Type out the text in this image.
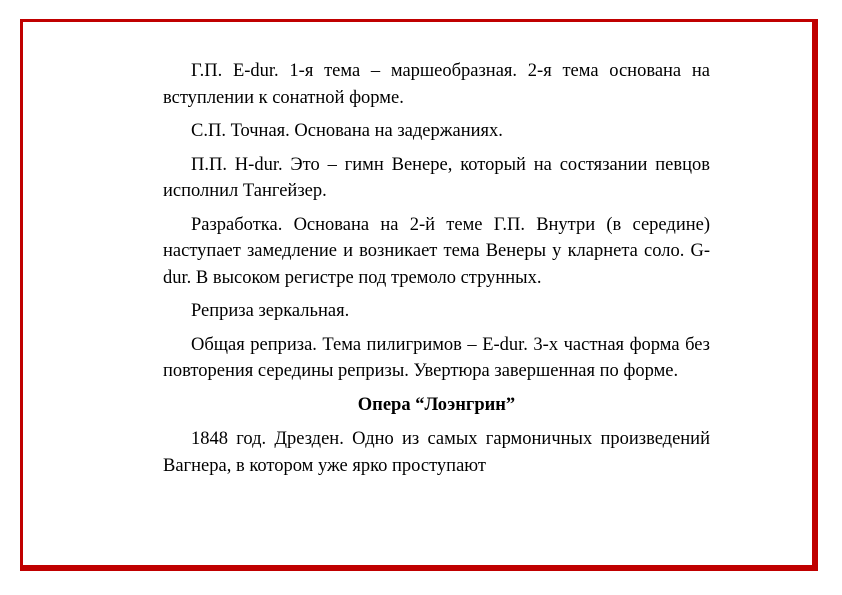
Г.П. E-dur. 1-я тема – маршеобразная. 2-я тема основана на вступлении к сонатной форме.

С.П. Точная. Основана на задержаниях.

П.П. H-dur. Это – гимн Венере, который на состязании певцов исполнил Тангейзер.

Разработка. Основана на 2-й теме Г.П. Внутри (в середине) наступает замедление и возникает тема Венеры у кларнета соло. G-dur. В высоком регистре под тремоло струнных.

Реприза зеркальная.

Общая реприза. Тема пилигримов – E-dur. 3-х частная форма без повторения середины репризы. Увертюра завершенная по форме.

Опера “Лоэнгрин”

1848 год. Дрезден. Одно из самых гармоничных произведений Вагнера, в котором уже ярко проступают
